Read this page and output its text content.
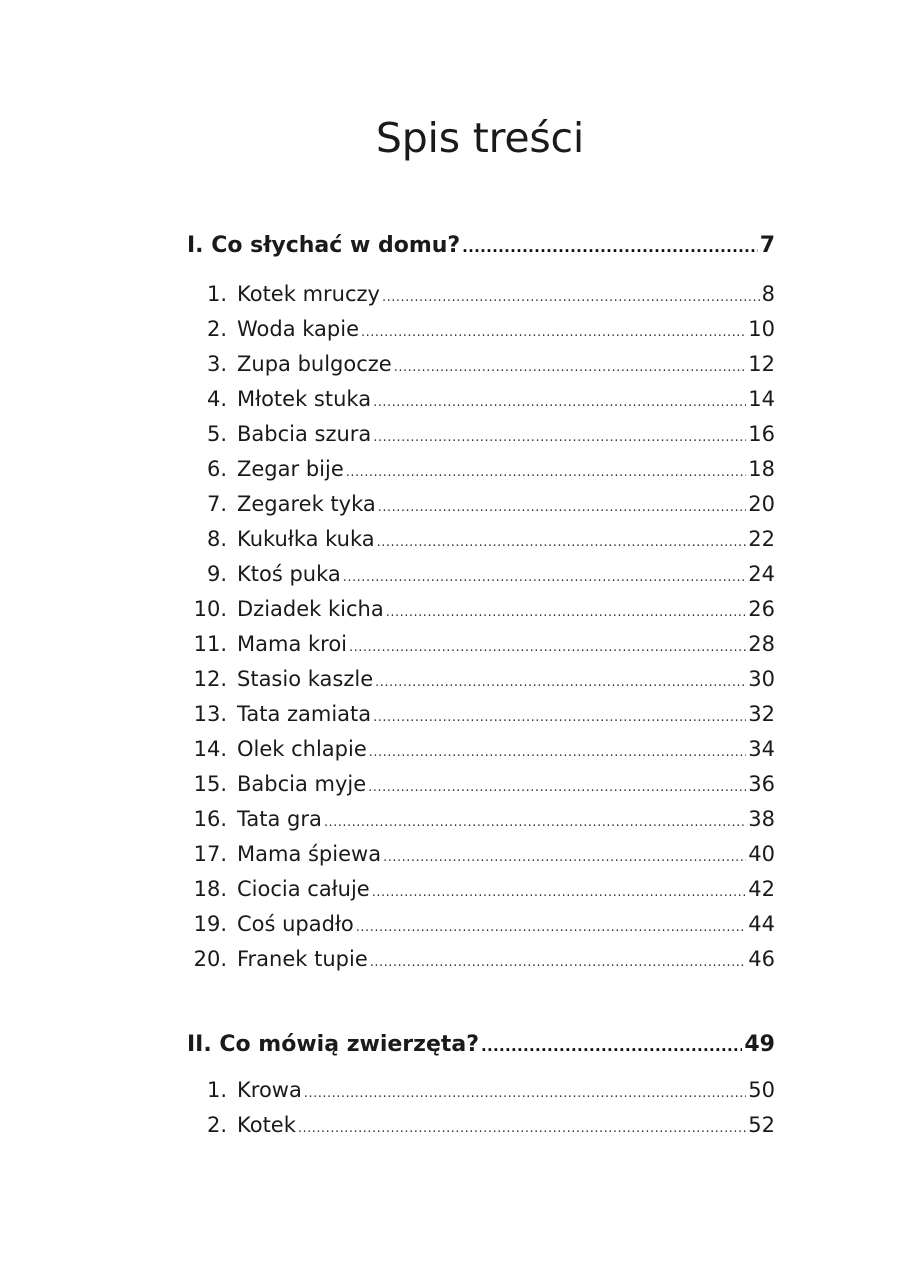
Spis treści
I. Co słychać w domu? .....	7
1. Kotek mruczy .....	8
2. Woda kapie .....	10
3. Zupa bulgocze .....	12
4. Młotek stuka .....	14
5. Babcia szura .....	16
6. Zegar bije .....	18
7. Zegarek tyka .....	20
8. Kukułka kuka .....	22
9. Ktoś puka .....	24
10. Dziadek kicha .....	26
11. Mama kroi .....	28
12. Stasio kaszle .....	30
13. Tata zamiata .....	32
14. Olek chlapie .....	34
15. Babcia myje .....	36
16. Tata gra .....	38
17. Mama śpiewa .....	40
18. Ciocia całuje .....	42
19. Coś upadło .....	44
20. Franek tupie .....	46
II. Co mówią zwierzęta? .....	49
1. Krowa .....	50
2. Kotek .....	52
